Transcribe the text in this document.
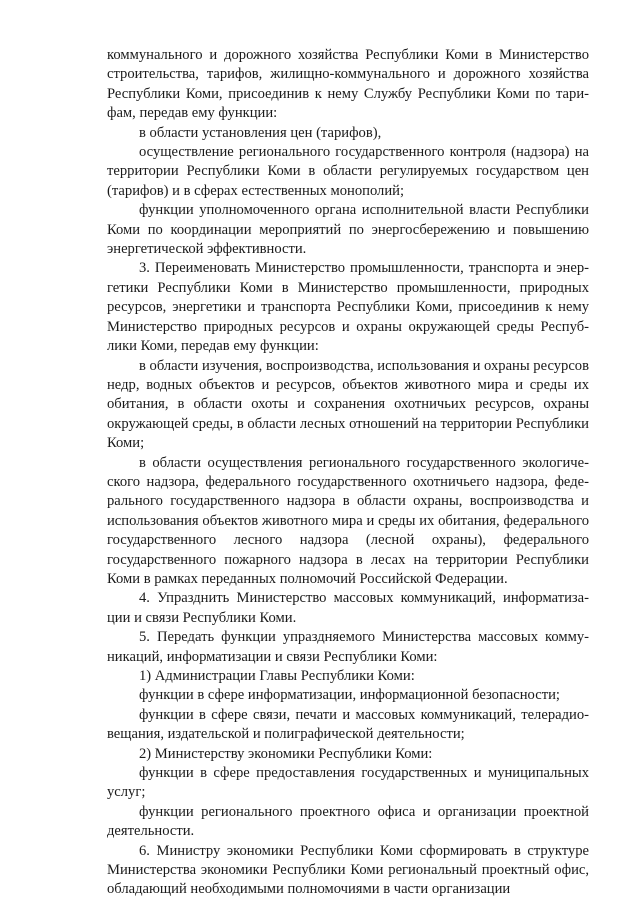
коммунального и дорожного хозяйства Республики Коми в Министерство строительства, тарифов, жилищно-коммунального и дорожного хозяйства Республики Коми, присоединив к нему Службу Республики Коми по тарифам, передав ему функции:

в области установления цен (тарифов),

осуществление регионального государственного контроля (надзора) на территории Республики Коми в области регулируемых государством цен (тарифов) и в сферах естественных монополий;

функции уполномоченного органа исполнительной власти Республики Коми по координации мероприятий по энергосбережению и повышению энергетической эффективности.

3. Переименовать Министерство промышленности, транспорта и энергетики Республики Коми в Министерство промышленности, природных ресурсов, энергетики и транспорта Республики Коми, присоединив к нему Министерство природных ресурсов и охраны окружающей среды Республики Коми, передав ему функции:

в области изучения, воспроизводства, использования и охраны ресурсов недр, водных объектов и ресурсов, объектов животного мира и среды их обитания, в области охоты и сохранения охотничьих ресурсов, охраны окружающей среды, в области лесных отношений на территории Республики Коми;

в области осуществления регионального государственного экологического надзора, федерального государственного охотничьего надзора, федерального государственного надзора в области охраны, воспроизводства и использования объектов животного мира и среды их обитания, федерального государственного лесного надзора (лесной охраны), федерального государственного пожарного надзора в лесах на территории Республики Коми в рамках переданных полномочий Российской Федерации.

4. Упразднить Министерство массовых коммуникаций, информатизации и связи Республики Коми.

5. Передать функции упраздняемого Министерства массовых коммуникаций, информатизации и связи Республики Коми:

1) Администрации Главы Республики Коми:

функции в сфере информатизации, информационной безопасности;

функции в сфере связи, печати и массовых коммуникаций, телерадиовещания, издательской и полиграфической деятельности;

2) Министерству экономики Республики Коми:

функции в сфере предоставления государственных и муниципальных услуг;

функции регионального проектного офиса и организации проектной деятельности.

6. Министру экономики Республики Коми сформировать в структуре Министерства экономики Республики Коми региональный проектный офис, обладающий необходимыми полномочиями в части организации
